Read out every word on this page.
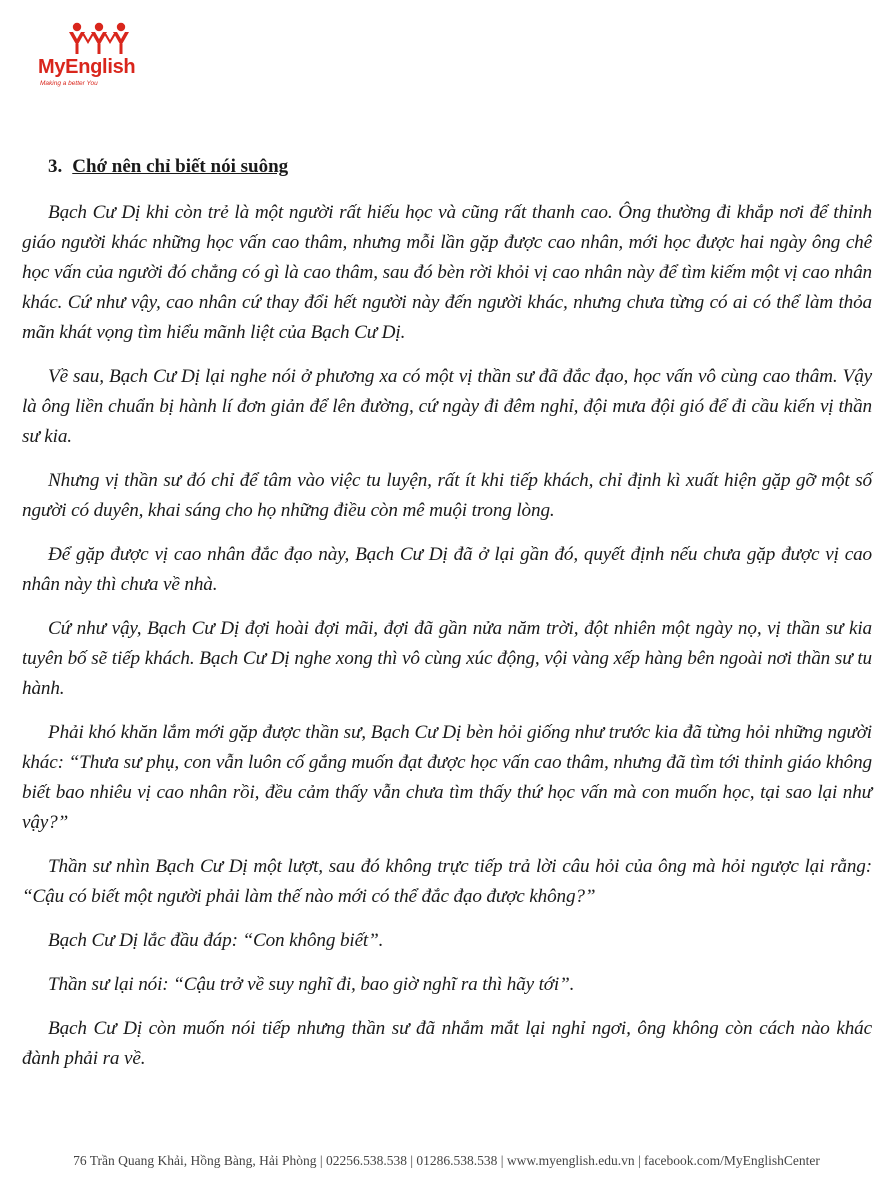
MyEnglish
Making a better You
3. Chớ nên chỉ biết nói suông

Bạch Cư Dị khi còn trẻ là một người rất hiếu học và cũng rất thanh cao. Ông thường đi khắp nơi để thỉnh giáo người khác những học vấn cao thâm, nhưng mỗi lần gặp được cao nhân, mới học được hai ngày ông chê học vấn của người đó chẳng có gì là cao thâm, sau đó bèn rời khỏi vị cao nhân này để tìm kiếm một vị cao nhân khác. Cứ như vậy, cao nhân cứ thay đổi hết người này đến người khác, nhưng chưa từng có ai có thể làm thỏa mãn khát vọng tìm hiểu mãnh liệt của Bạch Cư Dị.

Về sau, Bạch Cư Dị lại nghe nói ở phương xa có một vị thần sư đã đắc đạo, học vấn vô cùng cao thâm. Vậy là ông liền chuẩn bị hành lí đơn giản để lên đường, cứ ngày đi đêm nghỉ, đội mưa đội gió để đi cầu kiến vị thần sư kia.

Nhưng vị thần sư đó chỉ để tâm vào việc tu luyện, rất ít khi tiếp khách, chỉ định kì xuất hiện gặp gỡ một số người có duyên, khai sáng cho họ những điều còn mê muội trong lòng.

Để gặp được vị cao nhân đắc đạo này, Bạch Cư Dị đã ở lại gần đó, quyết định nếu chưa gặp được vị cao nhân này thì chưa về nhà.

Cứ như vậy, Bạch Cư Dị đợi hoài đợi mãi, đợi đã gần nửa năm trời, đột nhiên một ngày nọ, vị thần sư kia tuyên bố sẽ tiếp khách. Bạch Cư Dị nghe xong thì vô cùng xúc động, vội vàng xếp hàng bên ngoài nơi thần sư tu hành.

Phải khó khăn lắm mới gặp được thần sư, Bạch Cư Dị bèn hỏi giống như trước kia đã từng hỏi những người khác: “Thưa sư phụ, con vẫn luôn cố gắng muốn đạt được học vấn cao thâm, nhưng đã tìm tới thỉnh giáo không biết bao nhiêu vị cao nhân rồi, đều cảm thấy vẫn chưa tìm thấy thứ học vấn mà con muốn học, tại sao lại như vậy?”

Thần sư nhìn Bạch Cư Dị một lượt, sau đó không trực tiếp trả lời câu hỏi của ông mà hỏi ngược lại rằng: “Cậu có biết một người phải làm thế nào mới có thể đắc đạo được không?”

Bạch Cư Dị lắc đầu đáp: “Con không biết”.

Thần sư lại nói: “Cậu trở về suy nghĩ đi, bao giờ nghĩ ra thì hãy tới”.

Bạch Cư Dị còn muốn nói tiếp nhưng thần sư đã nhắm mắt lại nghỉ ngơi, ông không còn cách nào khác đành phải ra về.

76 Trần Quang Khải, Hồng Bàng, Hải Phòng | 02256.538.538 | 01286.538.538 | www.myenglish.edu.vn | facebook.com/MyEnglishCenter
